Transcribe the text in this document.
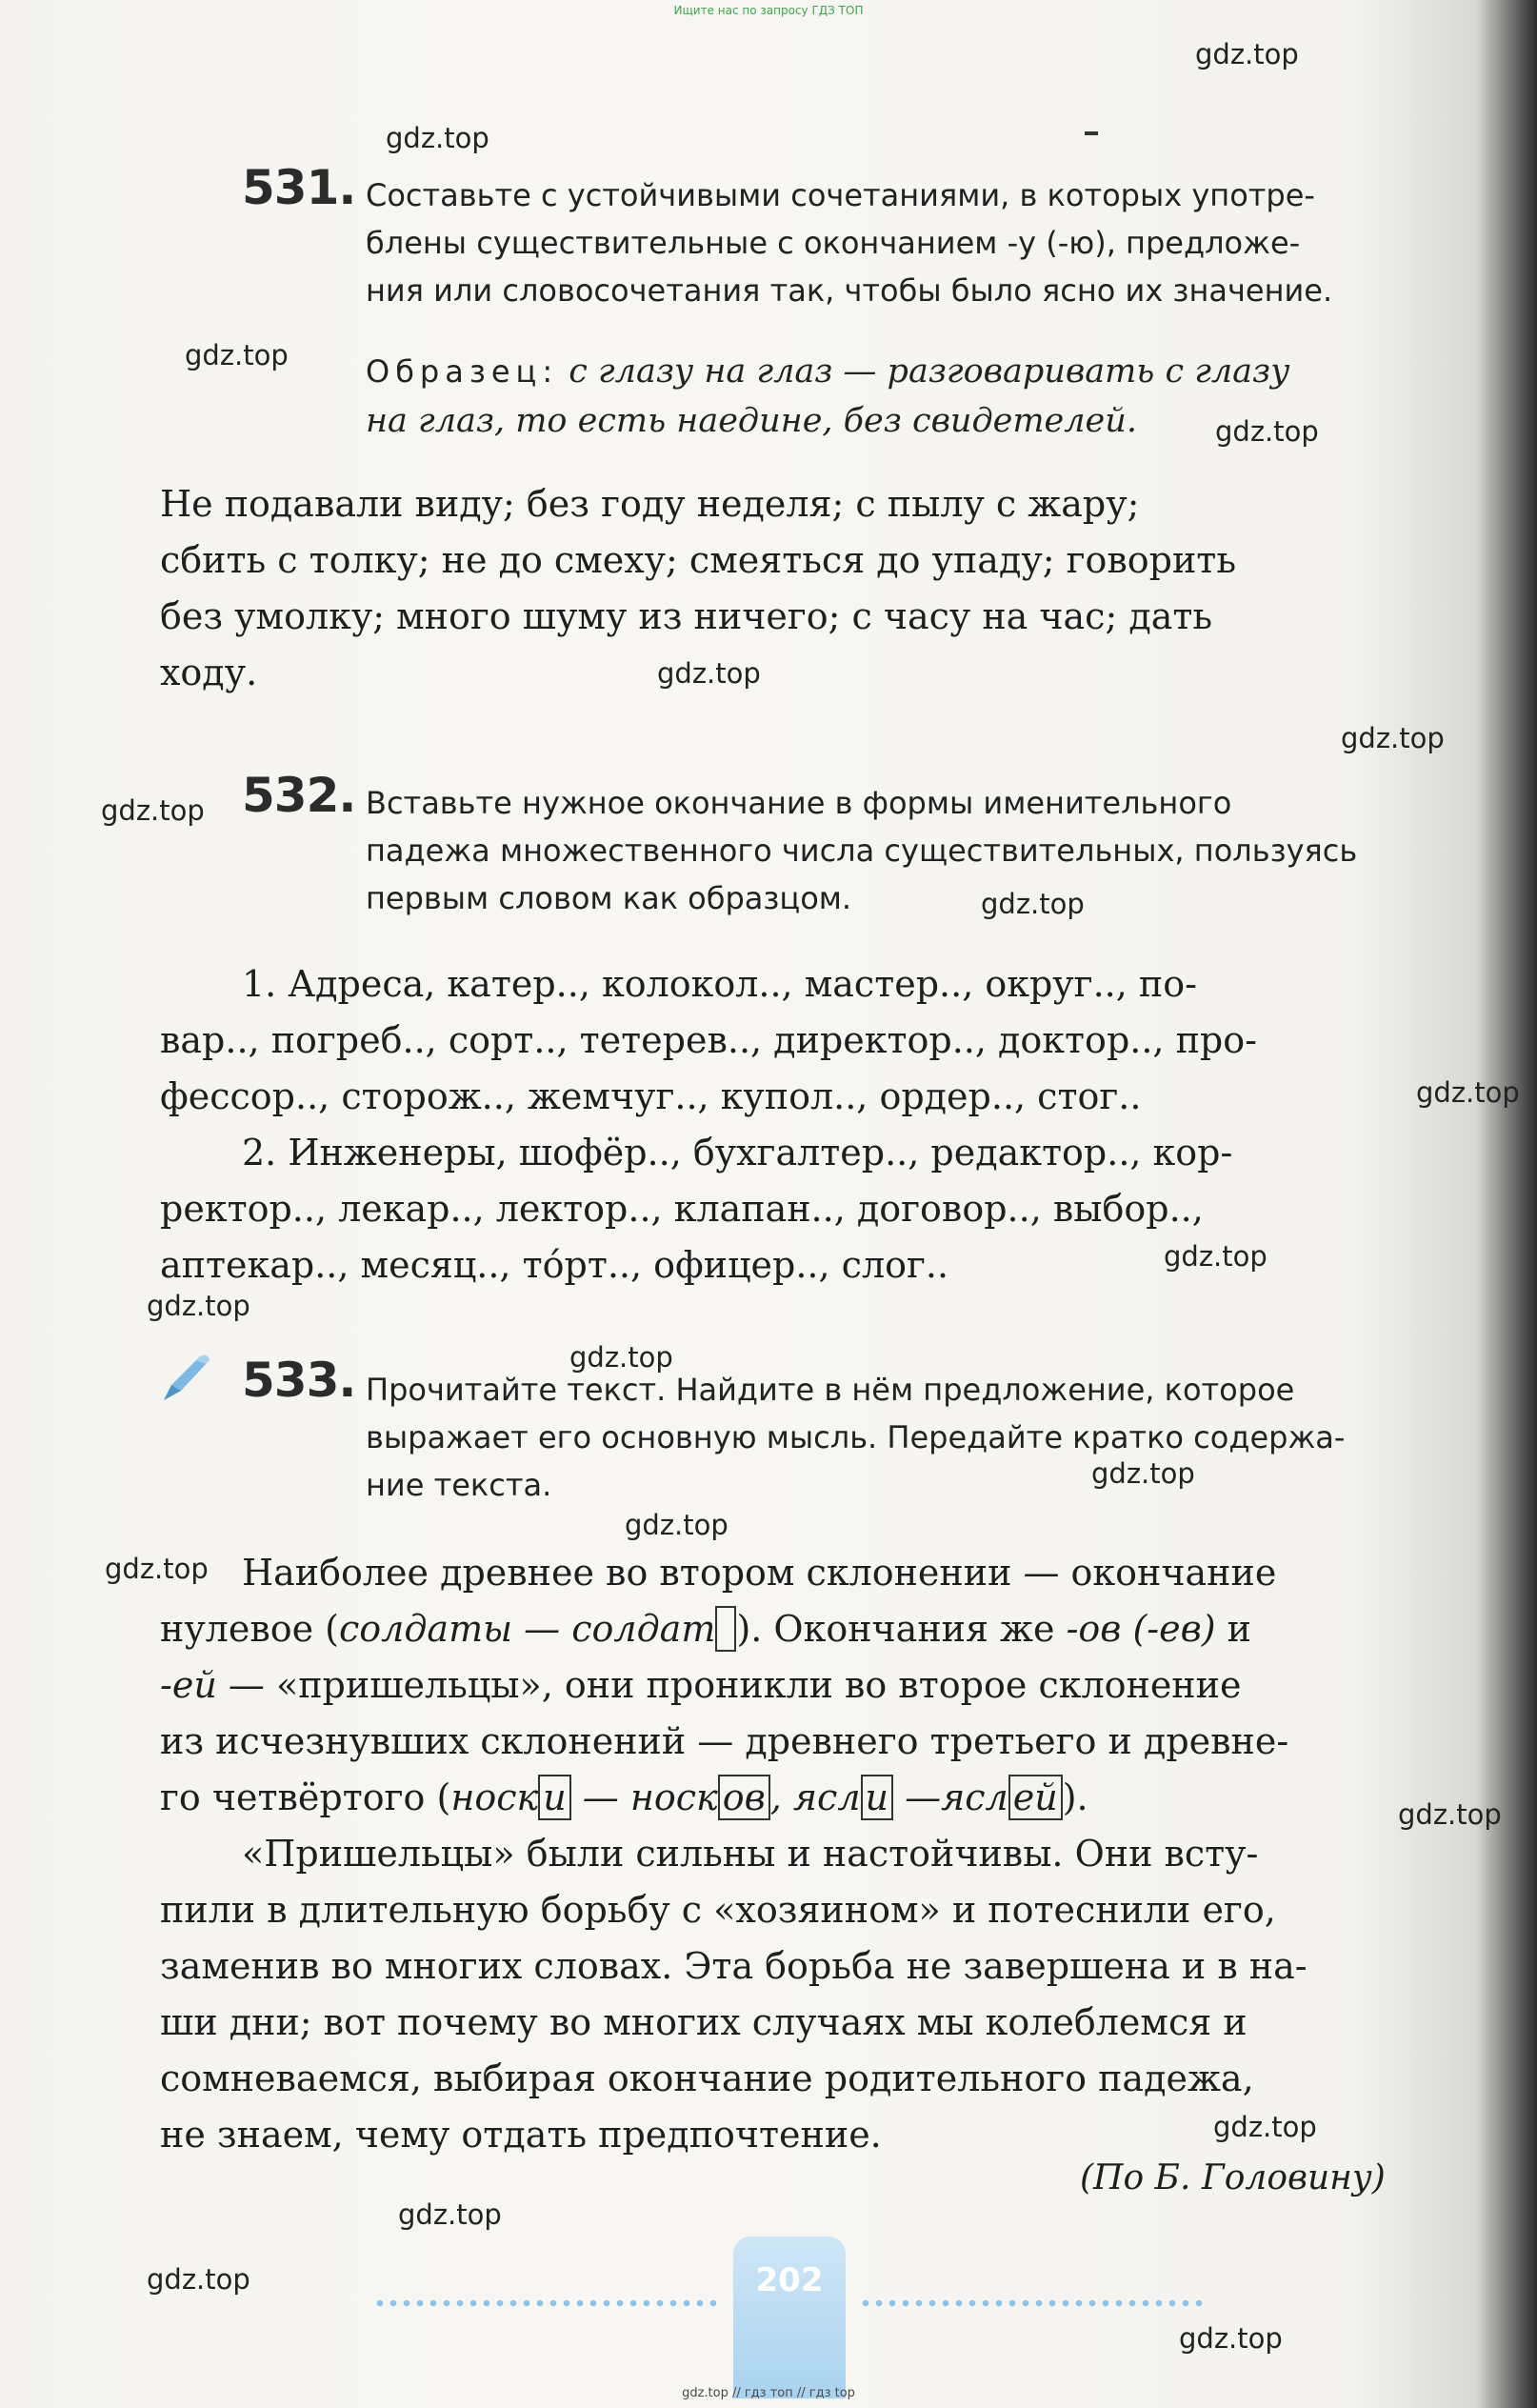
Ищите нас по запросу ГДЗ ТОП
gdz.top
gdz.top
gdz.top
gdz.top
gdz.top
gdz.top
gdz.top
gdz.top
gdz.top
gdz.top
gdz.top
gdz.top
gdz.top
gdz.top
gdz.top
gdz.top
gdz.top
gdz.top
gdz.top
gdz.top
531. Составьте с устойчивыми сочетаниями, в которых употре-
блены существительные с окончанием -у (-ю), предложе-
ния или словосочетания так, чтобы было ясно их значение.
Образец: с глазу на глаз — разговаривать с глазу
на глаз, то есть наедине, без свидетелей.
Не подавали виду; без году неделя; с пылу с жару;
сбить с толку; не до смеху; смеяться до упаду; говорить
без умолку; много шуму из ничего; с часу на час; дать
ходу.
532. Вставьте нужное окончание в формы именительного
падежа множественного числа существительных, пользуясь
первым словом как образцом.
1. Адреса, катер.., колокол.., мастер.., округ.., по-
вар.., погреб.., сорт.., тетерев.., директор.., доктор.., про-
фессор.., сторож.., жемчуг.., купол.., ордер.., стог..
2. Инженеры, шофёр.., бухгалтер.., редактор.., кор-
ректор.., лекар.., лектор.., клапан.., договор.., выбор..,
аптекар.., месяц.., то́рт.., офицер.., слог..
533. Прочитайте текст. Найдите в нём предложение, которое
выражает его основную мысль. Передайте кратко содержа-
ние текста.
Наиболее древнее во втором склонении — окончание
нулевое (солдаты — солдат ). Окончания же -ов (-ев) и
-ей — «пришельцы», они проникли во второе склонение
из исчезнувших склонений — древнего третьего и древне-
го четвёртого (носк и — носк ов , ясл и —ясл ей ).
«Пришельцы» были сильны и настойчивы. Они всту-
пили в длительную борьбу с «хозяином» и потеснили его,
заменив во многих словах. Эта борьба не завершена и в на-
ши дни; вот почему во многих случаях мы колеблемся и
сомневаемся, выбирая окончание родительного падежа,
не знаем, чему отдать предпочтение.
(По Б. Головину)
202
gdz.top // гдз топ // гдз top
